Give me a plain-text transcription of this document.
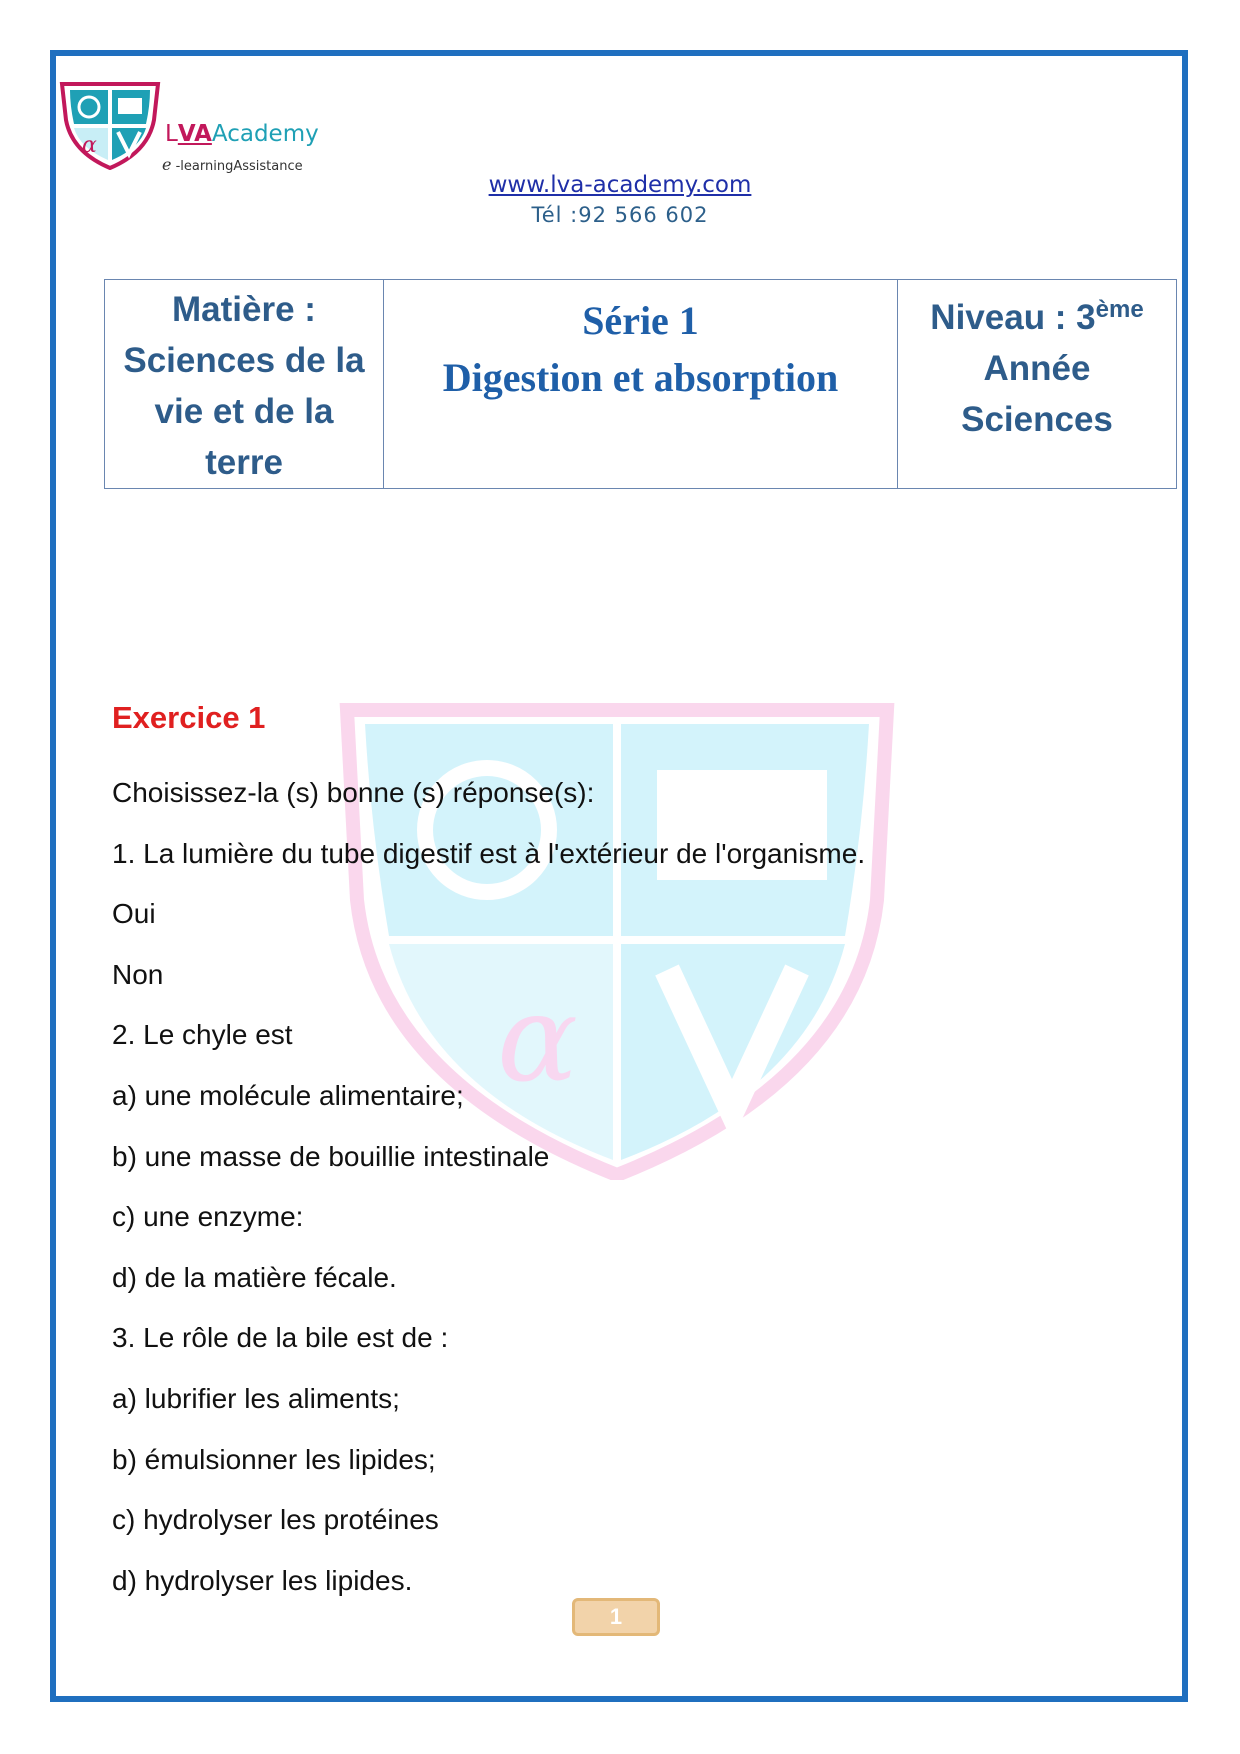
α
α	LVAAcademy
e -learningAssistance
www.lva-academy.com
Tél :92 566 602
Matière :
Sciences de la
vie et de la
terre

Série 1
Digestion et absorption

Niveau : 3ème
Année
Sciences
Exercice 1
Choisissez-la (s) bonne (s) réponse(s):
1. La lumière du tube digestif est à l'extérieur de l'organisme.
Oui
Non
2. Le chyle est
a) une molécule alimentaire;
b) une masse de bouillie intestinale
c) une enzyme:
d) de la matière fécale.
3. Le rôle de la bile est de :
a) lubrifier les aliments;
b) émulsionner les lipides;
c) hydrolyser les protéines
d) hydrolyser les lipides.
1
